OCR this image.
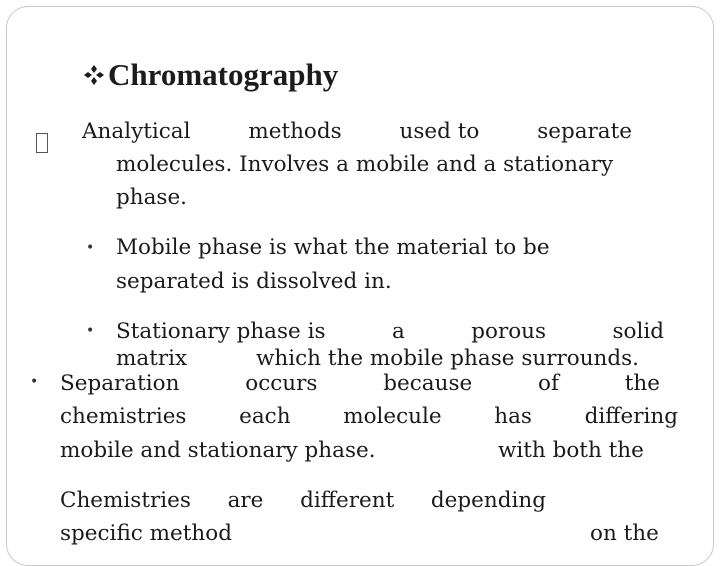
Chromatography
Analytical	methods	used to	separate
molecules. Involves a mobile and a stationary
phase.
• Mobile phase is what the material to be
separated is dissolved in.
• Stationary phase is	a	porous	solid
matrix	which the mobile phase surrounds.
• Separation	occurs	because	of	the
chemistries each molecule has differing
mobile and stationary phase.	with both the
Chemistries are different depending
specific method	on the
